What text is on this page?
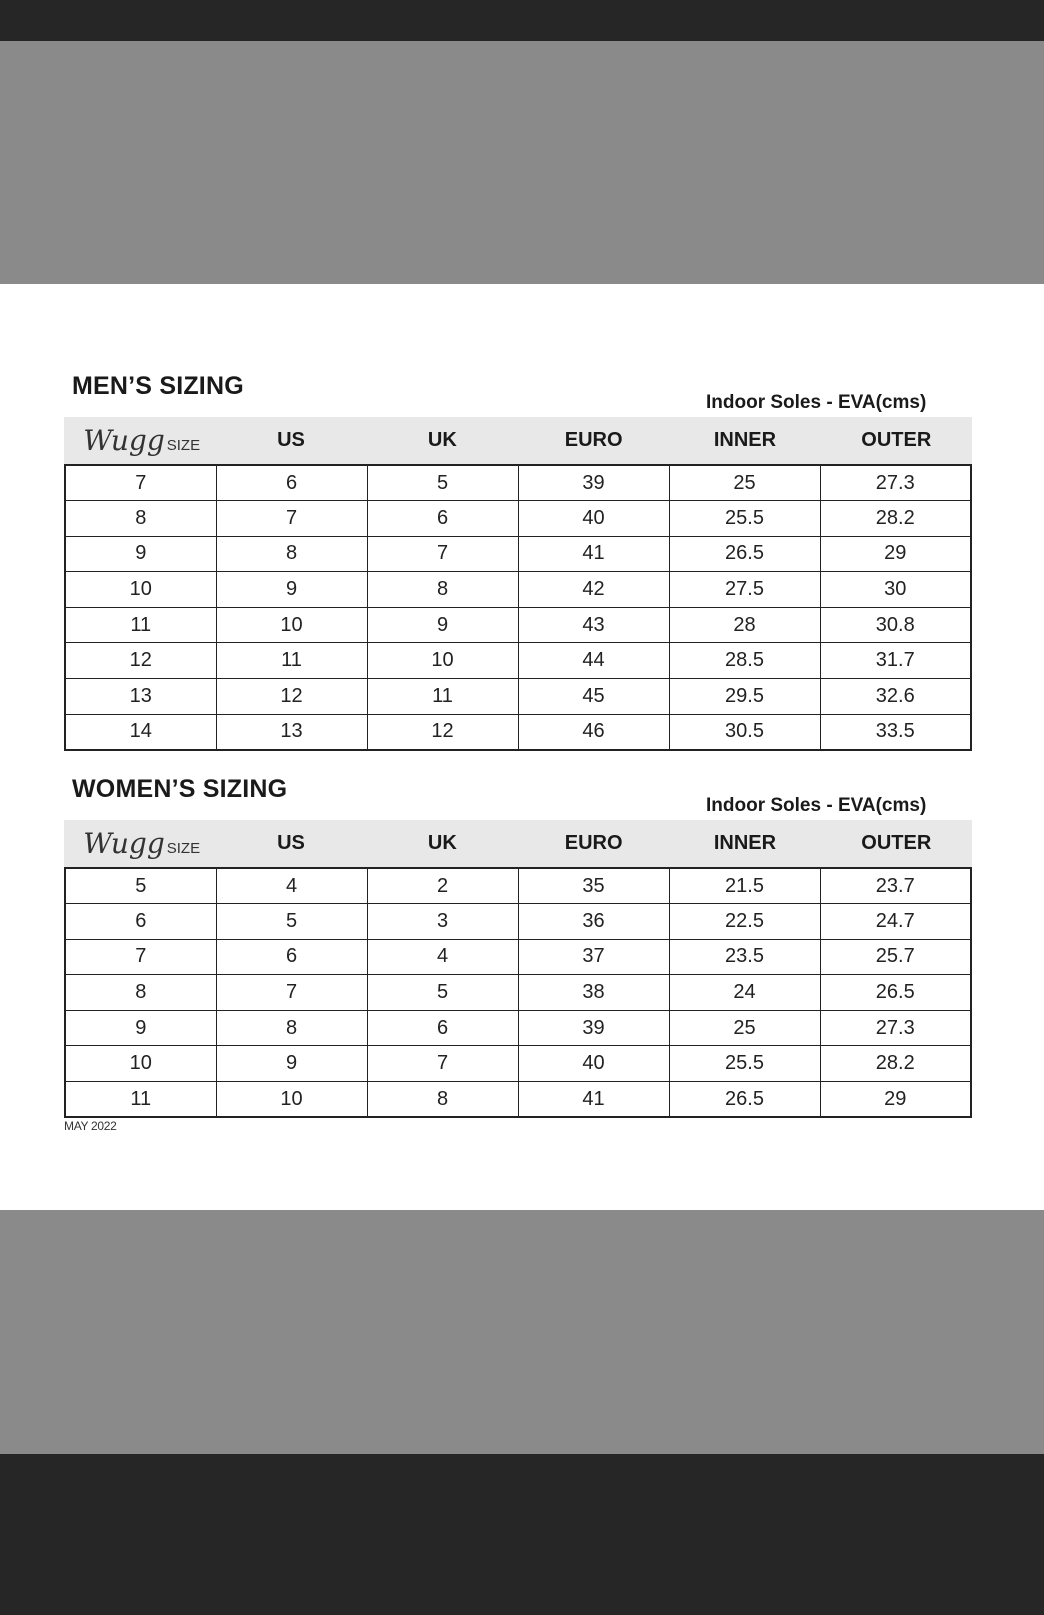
MEN’S SIZING
Indoor Soles - EVA(cms)
Wugg SIZE	US	UK	EURO	INNER	OUTER
7	6	5	39	25	27.3
8	7	6	40	25.5	28.2
9	8	7	41	26.5	29
10	9	8	42	27.5	30
11	10	9	43	28	30.8
12	11	10	44	28.5	31.7
13	12	11	45	29.5	32.6
14	13	12	46	30.5	33.5
WOMEN’S SIZING
Indoor Soles - EVA(cms)
Wugg SIZE	US	UK	EURO	INNER	OUTER
5	4	2	35	21.5	23.7
6	5	3	36	22.5	24.7
7	6	4	37	23.5	25.7
8	7	5	38	24	26.5
9	8	6	39	25	27.3
10	9	7	40	25.5	28.2
11	10	8	41	26.5	29
MAY 2022
